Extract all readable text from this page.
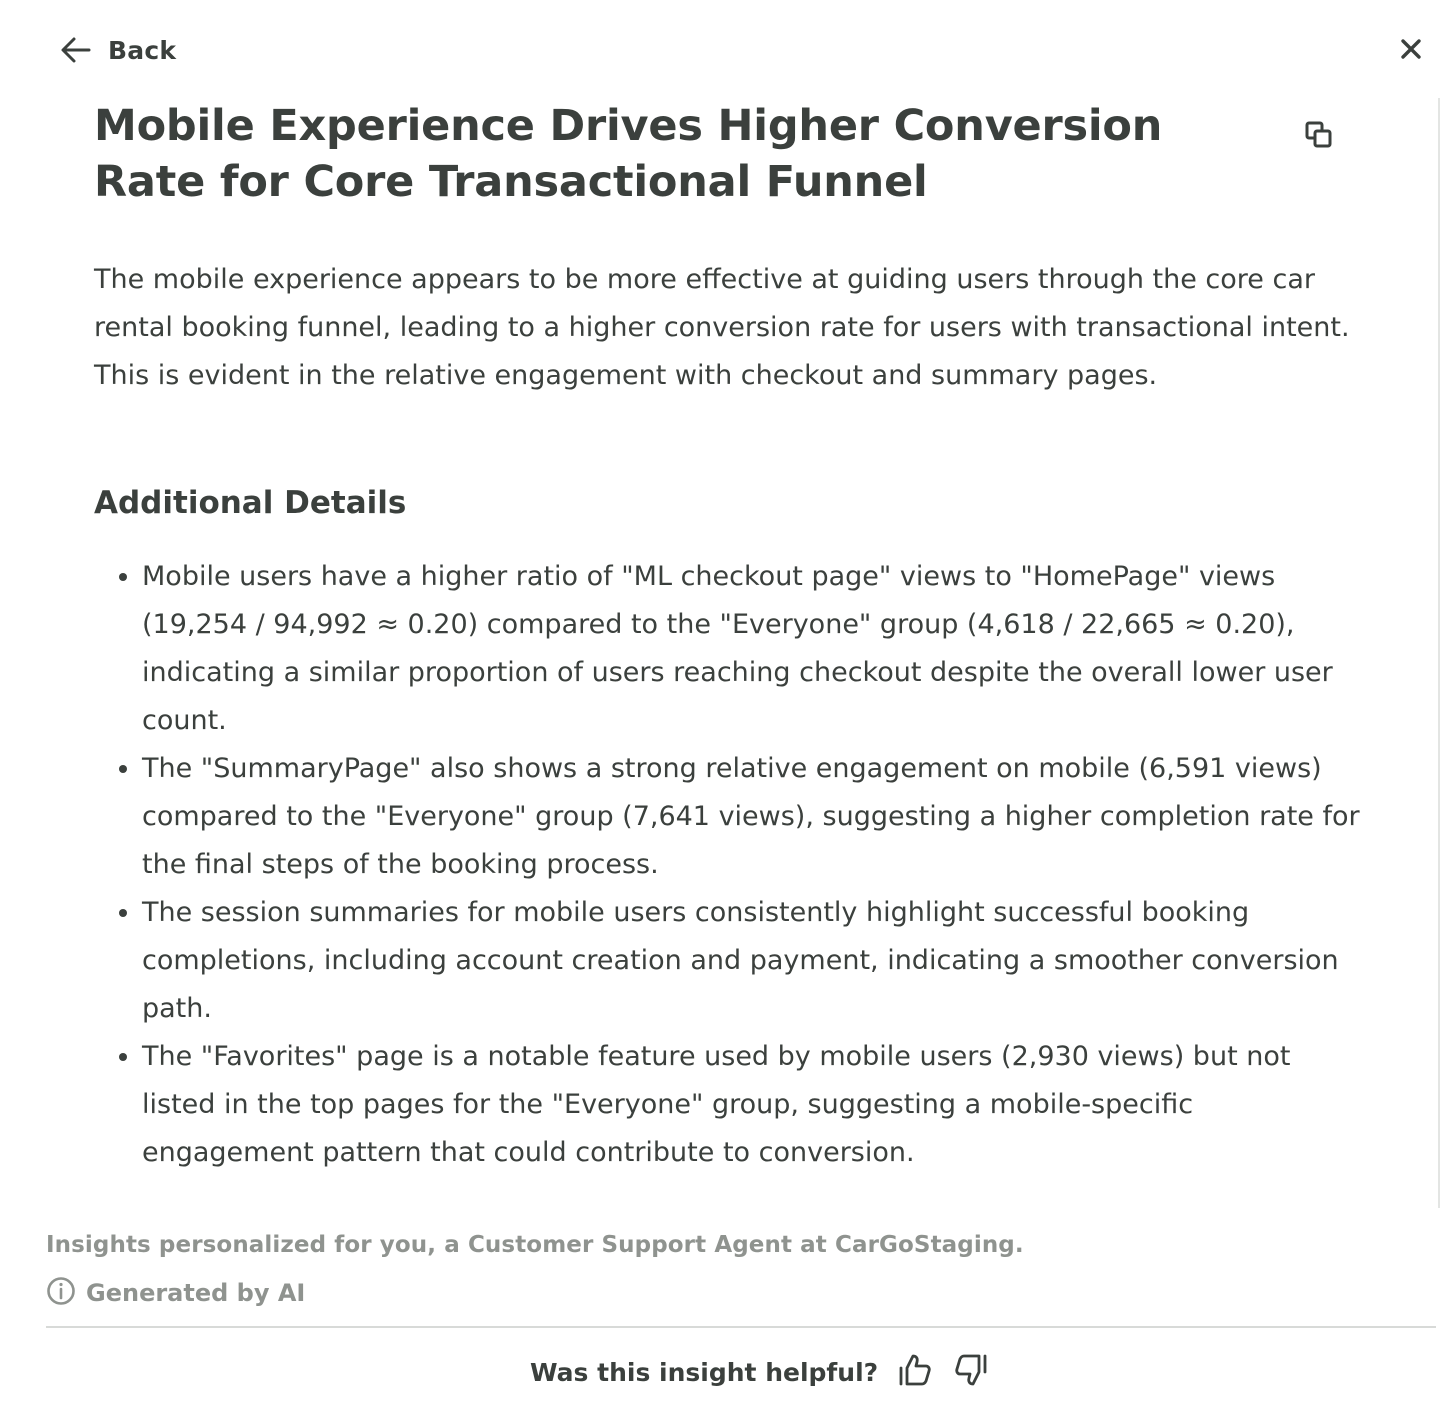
Back
Mobile Experience Drives Higher Conversion Rate for Core Transactional Funnel

The mobile experience appears to be more effective at guiding users through the core car rental booking funnel, leading to a higher conversion rate for users with transactional intent. This is evident in the relative engagement with checkout and summary pages.

Additional Details
• Mobile users have a higher ratio of "ML checkout page" views to "HomePage" views (19,254 / 94,992 ≈ 0.20) compared to the "Everyone" group (4,618 / 22,665 ≈ 0.20), indicating a similar proportion of users reaching checkout despite the overall lower user count.
• The "SummaryPage" also shows a strong relative engagement on mobile (6,591 views) compared to the "Everyone" group (7,641 views), suggesting a higher completion rate for the final steps of the booking process.
• The session summaries for mobile users consistently highlight successful booking completions, including account creation and payment, indicating a smoother conversion path.
• The "Favorites" page is a notable feature used by mobile users (2,930 views) but not listed in the top pages for the "Everyone" group, suggesting a mobile-specific engagement pattern that could contribute to conversion.
Insights personalized for you, a Customer Support Agent at CarGoStaging.
Generated by AI
Was this insight helpful?
